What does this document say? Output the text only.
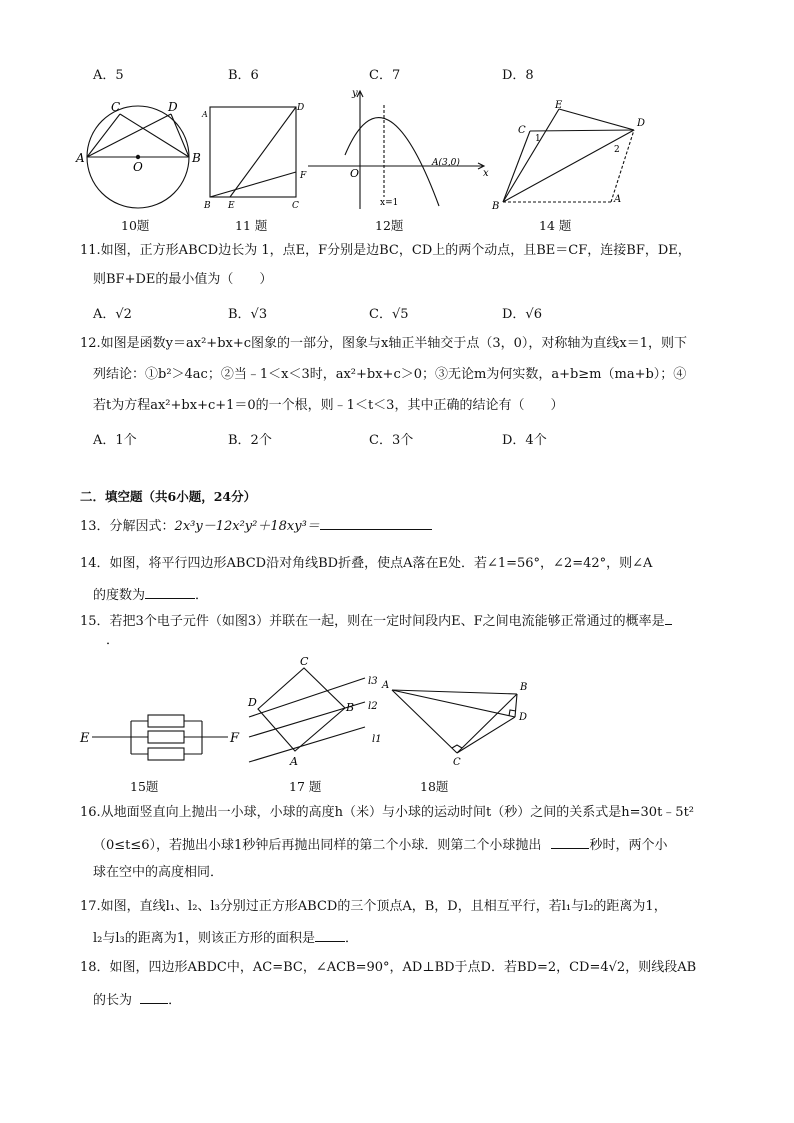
A．5	B．6	C．7	D．8
C	D
A
O
B
A
D
F
B E	C
y
O
A(3,0)
x
x=1
E
D
C
1
2
B
A
10题	11 题	12题	14 题
11.如图，正方形ABCD边长为 1，点E，F分别是边BC，CD上的两个动点，且BE＝CF，连接BF，DE，
则BF+DE的最小值为（　　）
A．√2	B．√3	C．√5	D．√6
12.如图是函数y＝ax²+bx+c图象的一部分，图象与x轴正半轴交于点（3，0），对称轴为直线x＝1，则下
列结论：①b²＞4ac；②当﹣1＜x＜3时，ax²+bx+c＞0；③无论m为何实数，a+b≥m（ma+b）；④
若t为方程ax²+bx+c+1＝0的一个根，则﹣1＜t＜3，其中正确的结论有（　　）
A．1个	B．2个	C．3个	D．4个
二．填空题（共6小题，24分）
13．分解因式：2x³y－12x²y²＋18xy³＝
14．如图，将平行四边形ABCD沿对角线BD折叠，使点A落在E处．若∠1=56°，∠2=42°，则∠A
的度数为	．
15．若把3个电子元件（如图3）并联在一起，则在一定时间段内E、F之间电流能够正常通过的概率是
．
E	F
C
l3
D	B l2
l1
A
A	B
D
C
15题	17 题	18题
16.从地面竖直向上抛出一小球，小球的高度h（米）与小球的运动时间t（秒）之间的关系式是h=30t﹣5t²
（0≤t≤6），若抛出小球1秒钟后再抛出同样的第二个小球．则第二个小球抛出	秒时，两个小
球在空中的高度相同．
17.如图，直线l₁、l₂、l₃分别过正方形ABCD的三个顶点A，B，D，且相互平行，若l₁与l₂的距离为1，
l₂与l₃的距离为1，则该正方形的面积是 ．
18．如图，四边形ABDC中，AC=BC，∠ACB=90°，AD⊥BD于点D．若BD=2，CD=4√2，则线段AB
的长为	．
